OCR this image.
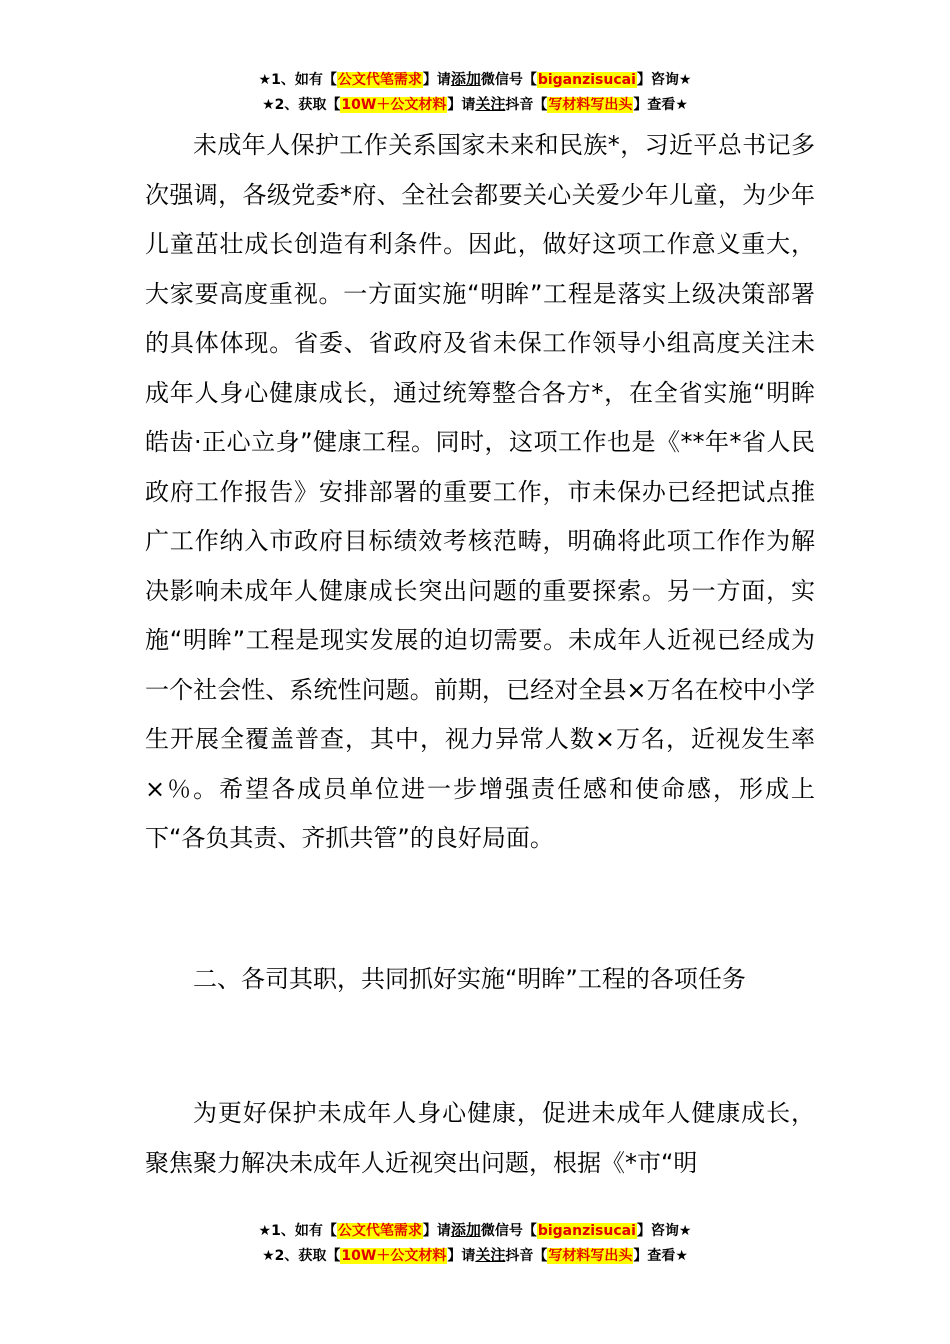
★1、如有【公文代笔需求】请添加微信号【biganzisucai】咨询★
★2、获取【10W＋公文材料】请关注抖音【写材料写出头】查看★

未成年人保护工作关系国家未来和民族*，习近平总书记多次强调，各级党委*府、全社会都要关心关爱少年儿童，为少年儿童茁壮成长创造有利条件。因此，做好这项工作意义重大，大家要高度重视。一方面实施“明眸”工程是落实上级决策部署的具体体现。省委、省政府及省未保工作领导小组高度关注未成年人身心健康成长，通过统筹整合各方*，在全省实施“明眸皓齿·正心立身”健康工程。同时，这项工作也是《**年*省人民政府工作报告》安排部署的重要工作，市未保办已经把试点推广工作纳入市政府目标绩效考核范畴，明确将此项工作作为解决影响未成年人健康成长突出问题的重要探索。另一方面，实施“明眸”工程是现实发展的迫切需要。未成年人近视已经成为一个社会性、系统性问题。前期，已经对全县×万名在校中小学生开展全覆盖普查，其中，视力异常人数×万名，近视发生率×％。希望各成员单位进一步增强责任感和使命感，形成上下“各负其责、齐抓共管”的良好局面。

二、各司其职，共同抓好实施“明眸”工程的各项任务

为更好保护未成年人身心健康，促进未成年人健康成长，聚焦聚力解决未成年人近视突出问题，根据《*市“明

★1、如有【公文代笔需求】请添加微信号【biganzisucai】咨询★
★2、获取【10W＋公文材料】请关注抖音【写材料写出头】查看★
